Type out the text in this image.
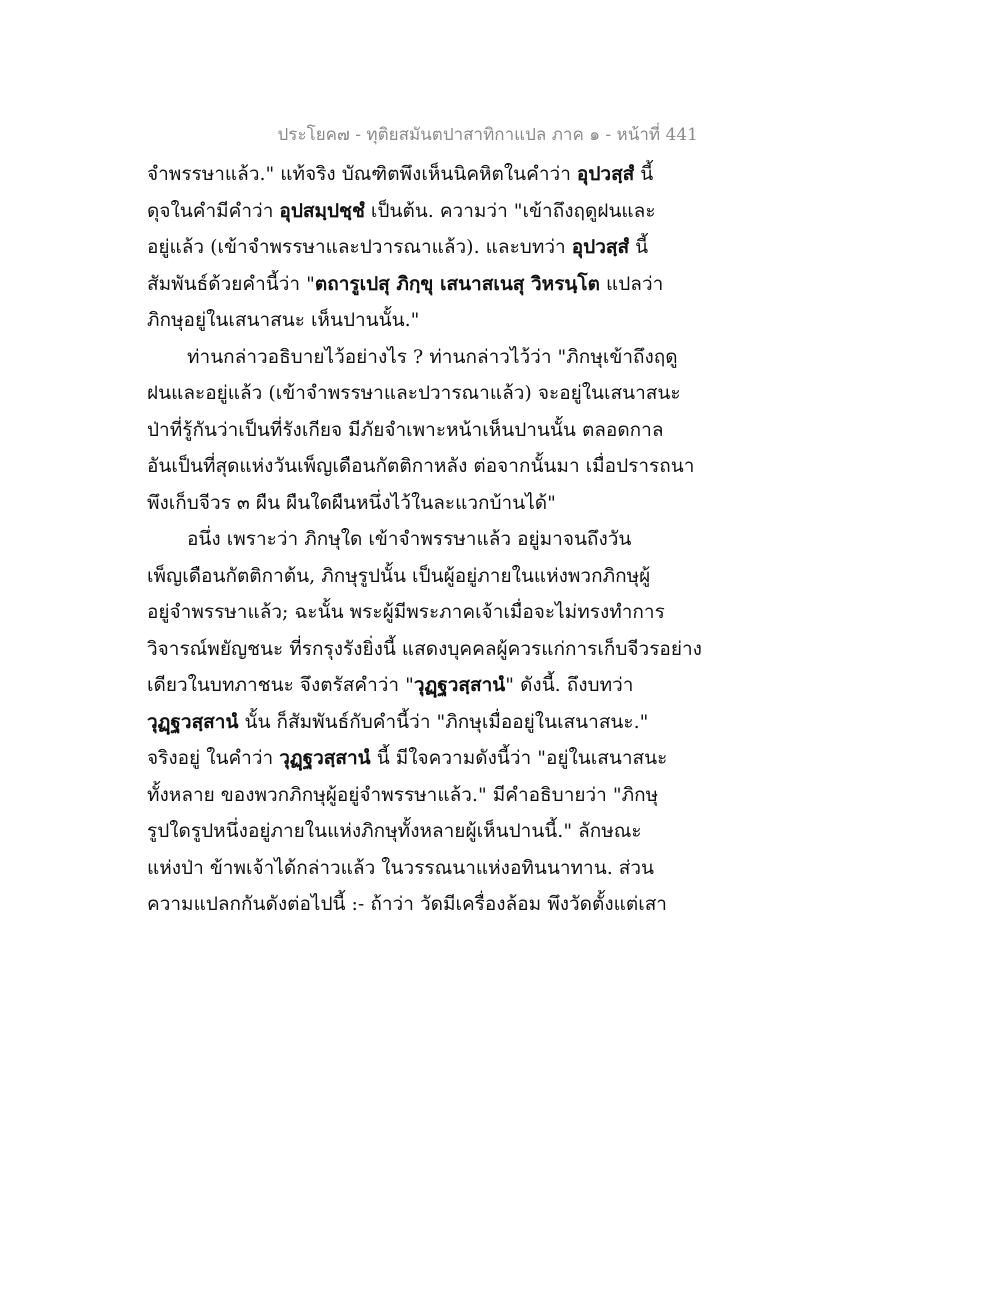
ประโยค๗ - ทุติยสมันตปาสาทิกาแปล ภาค ๑ - หน้าที่ 441
จำพรรษาแล้ว." แท้จริง บัณฑิตพึงเห็นนิคหิตในคำว่า อุปวสฺสํ นี้
ดุจในคำมีคำว่า อุปสมฺปชฺชํ เป็นต้น. ความว่า "เข้าถึงฤดูฝนและ
อยู่แล้ว (เข้าจำพรรษาและปวารณาแล้ว). และบทว่า อุปวสฺสํ นี้
สัมพันธ์ด้วยคำนี้ว่า "ตถารูเปสุ ภิกฺขุ เสนาสเนสุ วิหรนฺโต แปลว่า
ภิกษุอยู่ในเสนาสนะ เห็นปานนั้น."
ท่านกล่าวอธิบายไว้อย่างไร ? ท่านกล่าวไว้ว่า "ภิกษุเข้าถึงฤดู
ฝนและอยู่แล้ว (เข้าจำพรรษาและปวารณาแล้ว) จะอยู่ในเสนาสนะ
ป่าที่รู้กันว่าเป็นที่รังเกียจ มีภัยจำเพาะหน้าเห็นปานนั้น ตลอดกาล
อันเป็นที่สุดแห่งวันเพ็ญเดือนกัตติกาหลัง ต่อจากนั้นมา เมื่อปรารถนา
พึงเก็บจีวร ๓ ผืน ผืนใดผืนหนึ่งไว้ในละแวกบ้านได้"
อนึ่ง เพราะว่า ภิกษุใด เข้าจำพรรษาแล้ว อยู่มาจนถึงวัน
เพ็ญเดือนกัตติกาต้น, ภิกษุรูปนั้น เป็นผู้อยู่ภายในแห่งพวกภิกษุผู้
อยู่จำพรรษาแล้ว; ฉะนั้น พระผู้มีพระภาคเจ้าเมื่อจะไม่ทรงทำการ
วิจารณ์พยัญชนะ ที่รกรุงรังยิ่งนี้ แสดงบุคคลผู้ควรแก่การเก็บจีวรอย่าง
เดียวในบทภาชนะ จึงตรัสคำว่า "วุฏฺฐวสฺสานํ" ดังนี้. ถึงบทว่า
วุฏฺฐวสฺสานํ นั้น ก็สัมพันธ์กับคำนี้ว่า "ภิกษุเมื่ออยู่ในเสนาสนะ."
จริงอยู่ ในคำว่า วุฏฺฐวสฺสานํ นี้ มีใจความดังนี้ว่า "อยู่ในเสนาสนะ
ทั้งหลาย ของพวกภิกษุผู้อยู่จำพรรษาแล้ว." มีคำอธิบายว่า "ภิกษุ
รูปใดรูปหนึ่งอยู่ภายในแห่งภิกษุทั้งหลายผู้เห็นปานนี้." ลักษณะ
แห่งป่า ข้าพเจ้าได้กล่าวแล้ว ในวรรณนาแห่งอทินนาทาน. ส่วน
ความแปลกกันดังต่อไปนี้ :- ถ้าว่า วัดมีเครื่องล้อม พึงวัดตั้งแต่เสา
